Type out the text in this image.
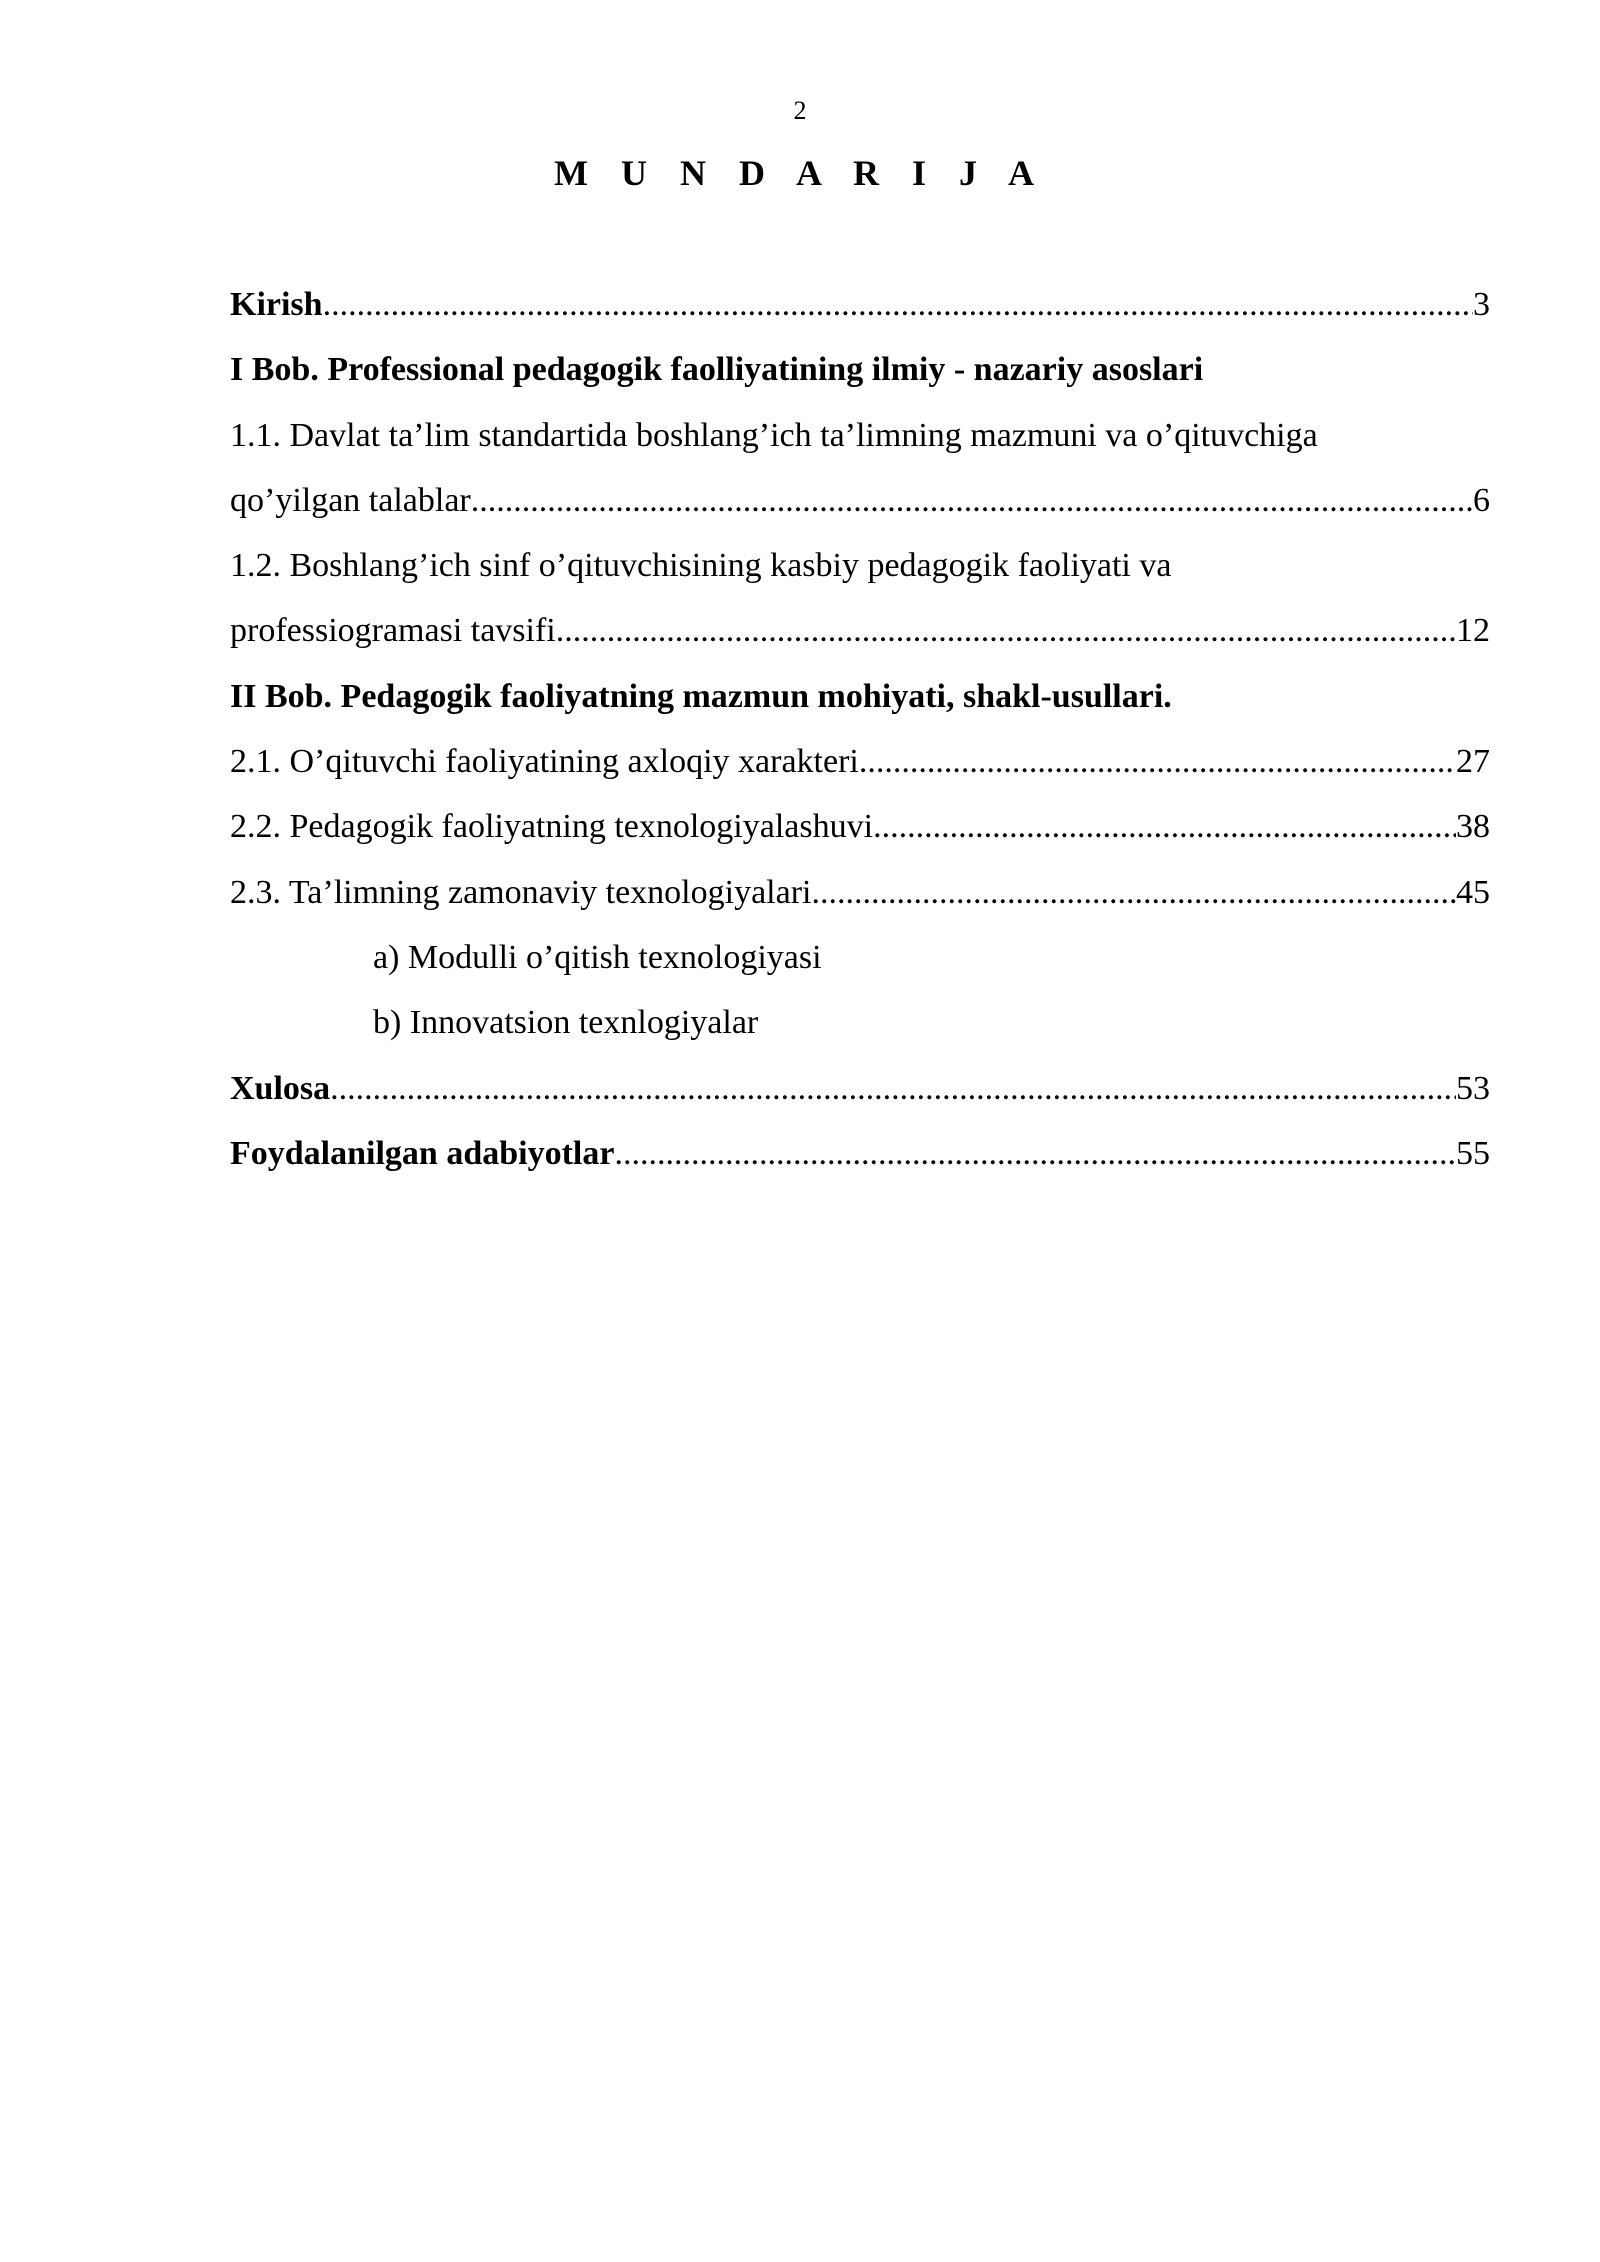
2
M U N D A R I J A
Kirish .....	3
I Bob. Professional pedagogik faolliyatining ilmiy - nazariy asoslari
1.1. Davlat ta’lim standartida boshlang’ich ta’limning mazmuni va o’qituvchiga
qo’yilgan talablar .....	6
1.2. Boshlang’ich sinf o’qituvchisining kasbiy pedagogik faoliyati va
professiogramasi tavsifi .....	12
II Bob. Pedagogik faoliyatning mazmun mohiyati, shakl-usullari.
2.1. O’qituvchi faoliyatining axloqiy xarakteri .....	27
2.2. Pedagogik faoliyatning texnologiyalashuvi .....	38
2.3. Ta’limning zamonaviy texnologiyalari .....	45
a) Modulli o’qitish texnologiyasi
b) Innovatsion texnlogiyalar
Xulosa .....	53
Foydalanilgan adabiyotlar .....	55
